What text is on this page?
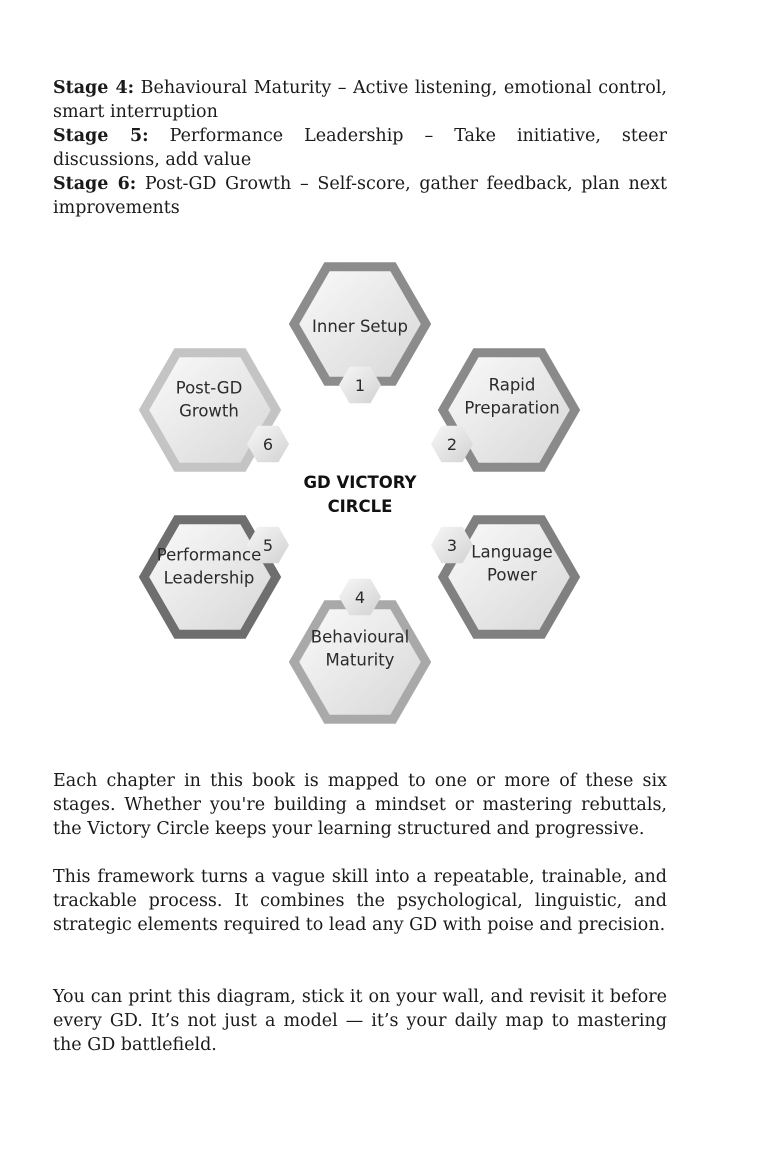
Stage 4: Behavioural Maturity – Active listening, emotional control, smart interruption
Stage 5: Performance Leadership – Take initiative, steer discussions, add value
Stage 6: Post-GD Growth – Self-score, gather feedback, plan next improvements
1
2
3
4
5
6
Inner Setup
Rapid
Preparation
Language
Power
Behavioural
Maturity
Performance
Leadership
Post-GD
Growth
GD VICTORY
CIRCLE

Each chapter in this book is mapped to one or more of these six stages. Whether you're building a mindset or mastering rebuttals, the Victory Circle keeps your learning structured and progressive.

This framework turns a vague skill into a repeatable, trainable, and trackable process. It combines the psychological, linguistic, and strategic elements required to lead any GD with poise and precision.

You can print this diagram, stick it on your wall, and revisit it before every GD. It’s not just a model — it’s your daily map to mastering the GD battlefield.
